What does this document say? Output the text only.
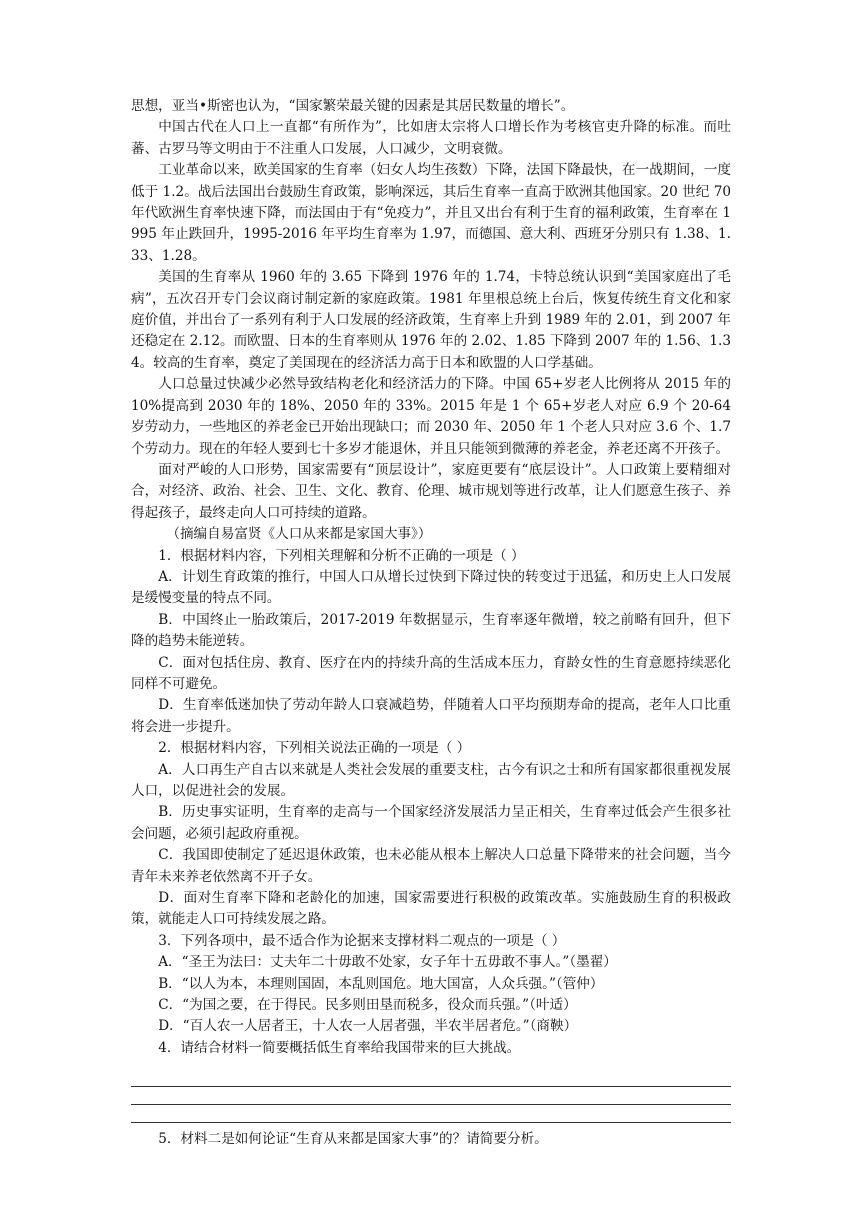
思想，亚当•斯密也认为，“国家繁荣最关键的因素是其居民数量的增长”。

中国古代在人口上一直都“有所作为”，比如唐太宗将人口增长作为考核官吏升降的标准。而吐蕃、古罗马等文明由于不注重人口发展，人口减少，文明衰微。

工业革命以来，欧美国家的生育率（妇女人均生孩数）下降，法国下降最快，在一战期间，一度低于 1.2。战后法国出台鼓励生育政策，影响深远，其后生育率一直高于欧洲其他国家。20 世纪 70 年代欧洲生育率快速下降，而法国由于有“免疫力”，并且又出台有利于生育的福利政策，生育率在 1995 年止跌回升，1995-2016 年平均生育率为 1.97，而德国、意大利、西班牙分别只有 1.38、1.33、1.28。

美国的生育率从 1960 年的 3.65 下降到 1976 年的 1.74，卡特总统认识到“美国家庭出了毛病”，五次召开专门会议商讨制定新的家庭政策。1981 年里根总统上台后，恢复传统生育文化和家庭价值，并出台了一系列有利于人口发展的经济政策，生育率上升到 1989 年的 2.01，到 2007 年还稳定在 2.12。而欧盟、日本的生育率则从 1976 年的 2.02、1.85 下降到 2007 年的 1.56、1.34。较高的生育率，奠定了美国现在的经济活力高于日本和欧盟的人口学基础。

人口总量过快减少必然导致结构老化和经济活力的下降。中国 65+岁老人比例将从 2015 年的 10%提高到 2030 年的 18%、2050 年的 33%。2015 年是 1 个 65+岁老人对应 6.9 个 20-64 岁劳动力，一些地区的养老金已开始出现缺口；而 2030 年、2050 年 1 个老人只对应 3.6 个、1.7 个劳动力。现在的年轻人要到七十多岁才能退休，并且只能领到微薄的养老金，养老还离不开孩子。

面对严峻的人口形势，国家需要有“顶层设计”，家庭更要有“底层设计”。人口政策上要精细对合，对经济、政治、社会、卫生、文化、教育、伦理、城市规划等进行改革，让人们愿意生孩子、养得起孩子，最终走向人口可持续的道路。

（摘编自易富贤《人口从来都是家国大事》）

1．根据材料内容，下列相关理解和分析不正确的一项是（ ）

A．计划生育政策的推行，中国人口从增长过快到下降过快的转变过于迅猛，和历史上人口发展是缓慢变量的特点不同。

B．中国终止一胎政策后，2017-2019 年数据显示，生育率逐年微增，较之前略有回升，但下降的趋势未能逆转。

C．面对包括住房、教育、医疗在内的持续升高的生活成本压力，育龄女性的生育意愿持续恶化同样不可避免。

D．生育率低迷加快了劳动年龄人口衰减趋势，伴随着人口平均预期寿命的提高，老年人口比重将会进一步提升。

2．根据材料内容，下列相关说法正确的一项是（ ）

A．人口再生产自古以来就是人类社会发展的重要支柱，古今有识之士和所有国家都很重视发展人口，以促进社会的发展。

B．历史事实证明，生育率的走高与一个国家经济发展活力呈正相关，生育率过低会产生很多社会问题，必须引起政府重视。

C．我国即使制定了延迟退休政策，也未必能从根本上解决人口总量下降带来的社会问题，当今青年未来养老依然离不开子女。

D．面对生育率下降和老龄化的加速，国家需要进行积极的政策改革。实施鼓励生育的积极政策，就能走人口可持续发展之路。

3．下列各项中，最不适合作为论据来支撑材料二观点的一项是（ ）

A．“圣王为法曰：丈夫年二十毋敢不处家，女子年十五毋敢不事人。”（墨翟）

B．“以人为本，本理则国固，本乱则国危。地大国富，人众兵强。”（管仲）

C．“为国之要，在于得民。民多则田垦而税多，役众而兵强。”（叶适）

D．“百人农一人居者王，十人农一人居者强，半农半居者危。”（商鞅）

4．请结合材料一简要概括低生育率给我国带来的巨大挑战。

5．材料二是如何论证“生育从来都是国家大事”的？请简要分析。
